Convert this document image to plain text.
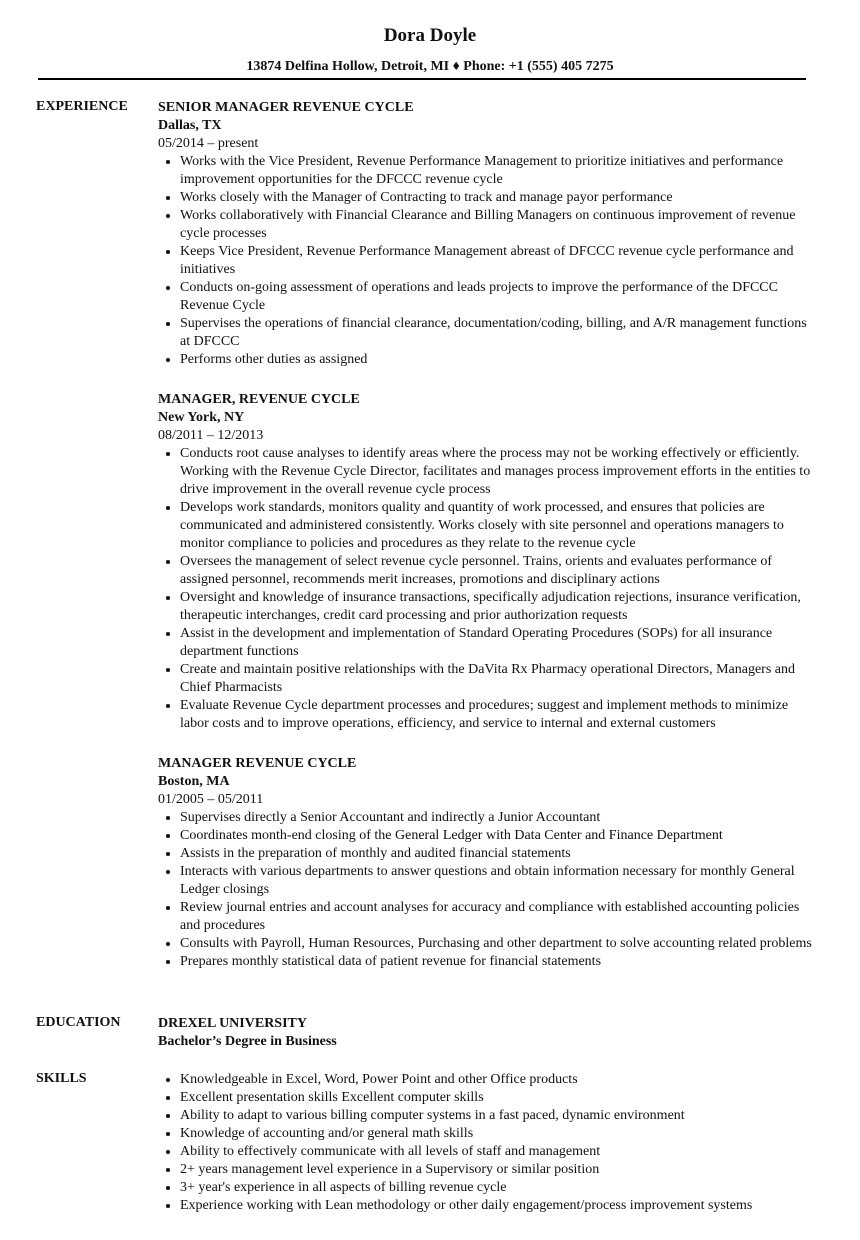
Dora Doyle
13874 Delfina Hollow, Detroit, MI ♦ Phone: +1 (555) 405 7275
EXPERIENCE SENIOR MANAGER REVENUE CYCLE
Dallas, TX
05/2014 – present
• Works with the Vice President, Revenue Performance Management to prioritize initiatives and performance improvement opportunities for the DFCCC revenue cycle
• Works closely with the Manager of Contracting to track and manage payor performance
• Works collaboratively with Financial Clearance and Billing Managers on continuous improvement of revenue cycle processes
• Keeps Vice President, Revenue Performance Management abreast of DFCCC revenue cycle performance and initiatives
• Conducts on-going assessment of operations and leads projects to improve the performance of the DFCCC Revenue Cycle
• Supervises the operations of financial clearance, documentation/coding, billing, and A/R management functions at DFCCC
• Performs other duties as assigned
MANAGER, REVENUE CYCLE
New York, NY
08/2011 – 12/2013
• Conducts root cause analyses to identify areas where the process may not be working effectively or efficiently. Working with the Revenue Cycle Director, facilitates and manages process improvement efforts in the entities to drive improvement in the overall revenue cycle process
• Develops work standards, monitors quality and quantity of work processed, and ensures that policies are communicated and administered consistently. Works closely with site personnel and operations managers to monitor compliance to policies and procedures as they relate to the revenue cycle
• Oversees the management of select revenue cycle personnel. Trains, orients and evaluates performance of assigned personnel, recommends merit increases, promotions and disciplinary actions
• Oversight and knowledge of insurance transactions, specifically adjudication rejections, insurance verification, therapeutic interchanges, credit card processing and prior authorization requests
• Assist in the development and implementation of Standard Operating Procedures (SOPs) for all insurance department functions
• Create and maintain positive relationships with the DaVita Rx Pharmacy operational Directors, Managers and Chief Pharmacists
• Evaluate Revenue Cycle department processes and procedures; suggest and implement methods to minimize labor costs and to improve operations, efficiency, and service to internal and external customers
MANAGER REVENUE CYCLE
Boston, MA
01/2005 – 05/2011
• Supervises directly a Senior Accountant and indirectly a Junior Accountant
• Coordinates month-end closing of the General Ledger with Data Center and Finance Department
• Assists in the preparation of monthly and audited financial statements
• Interacts with various departments to answer questions and obtain information necessary for monthly General Ledger closings
• Review journal entries and account analyses for accuracy and compliance with established accounting policies and procedures
• Consults with Payroll, Human Resources, Purchasing and other department to solve accounting related problems
• Prepares monthly statistical data of patient revenue for financial statements
EDUCATION	DREXEL UNIVERSITY
Bachelor’s Degree in Business
SKILLS
•	Knowledgeable in Excel, Word, Power Point and other Office products
• Excellent presentation skills Excellent computer skills
• Ability to adapt to various billing computer systems in a fast paced, dynamic environment
• Knowledge of accounting and/or general math skills
• Ability to effectively communicate with all levels of staff and management
• 2+ years management level experience in a Supervisory or similar position
• 3+ year's experience in all aspects of billing revenue cycle
• Experience working with Lean methodology or other daily engagement/process improvement systems
